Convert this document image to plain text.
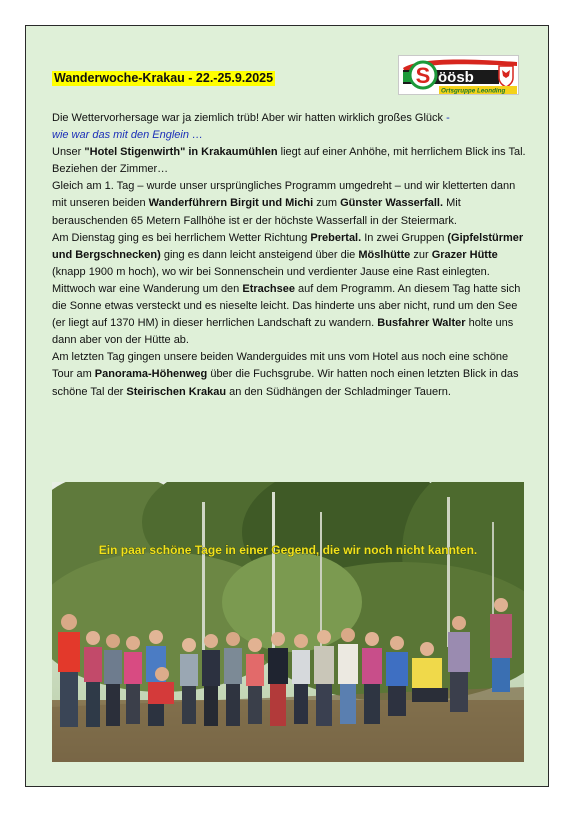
Wanderwoche-Krakau - 22.-25.9.2025	S öösb
Ortsgruppe Leonding

Die Wettervorhersage war ja ziemlich trüb! Aber wir hatten wirklich großes Glück -
wie war das mit den Englein …

Unser "Hotel Stigenwirth" in Krakaumühlen liegt auf einer Anhöhe, mit herrlichem Blick ins Tal. Beziehen der Zimmer…

Gleich am 1. Tag – wurde unser ursprüngliches Programm umgedreht – und wir kletterten dann mit unseren beiden Wanderführern Birgit und Michi zum Günster Wasserfall. Mit berauschenden 65 Metern Fallhöhe ist er der höchste Wasserfall in der Steiermark.

Am Dienstag ging es bei herrlichem Wetter Richtung Prebertal. In zwei Gruppen (Gipfelstürmer und Bergschnecken) ging es dann leicht ansteigend über die Möslhütte zur Grazer Hütte (knapp 1900 m hoch), wo wir bei Sonnenschein und verdienter Jause eine Rast einlegten.

Mittwoch war eine Wanderung um den Etrachsee auf dem Programm. An diesem Tag hatte sich die Sonne etwas versteckt und es nieselte leicht. Das hinderte uns aber nicht, rund um den See (er liegt auf 1370 HM) in dieser herrlichen Landschaft zu wandern. Busfahrer Walter holte uns dann aber von der Hütte ab.

Am letzten Tag gingen unsere beiden Wanderguides mit uns vom Hotel aus noch eine schöne Tour am Panorama-Höhenweg über die Fuchsgrube. Wir hatten noch einen letzten Blick in das schöne Tal der Steirischen Krakau an den Südhängen der Schladminger Tauern.

Ein paar schöne Tage in einer Gegend, die wir noch nicht kannten.
